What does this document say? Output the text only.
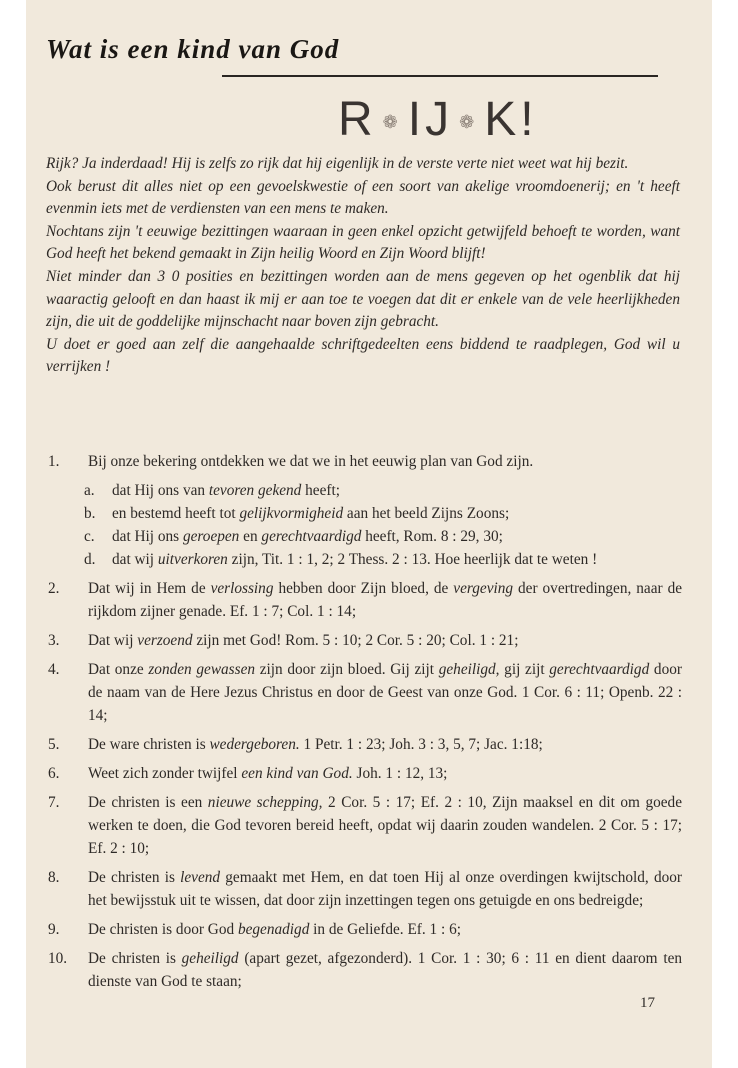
Wat is een kind van God
R ❁ IJ ❁ K!

Rijk? Ja inderdaad! Hij is zelfs zo rijk dat hij eigenlijk in de verste verte niet weet wat hij bezit.

Ook berust dit alles niet op een gevoelskwestie of een soort van akelige vroomdoenerij; en 't heeft evenmin iets met de verdiensten van een mens te maken.

Nochtans zijn 't eeuwige bezittingen waaraan in geen enkel opzicht getwijfeld behoeft te worden, want God heeft het bekend gemaakt in Zijn heilig Woord en Zijn Woord blijft!

Niet minder dan 3 0 posities en bezittingen worden aan de mens gegeven op het ogenblik dat hij waaractig gelooft en dan haast ik mij er aan toe te voegen dat dit er enkele van de vele heerlijkheden zijn, die uit de goddelijke mijnschacht naar boven zijn gebracht.

U doet er goed aan zelf die aangehaalde schriftgedeelten eens biddend te raadplegen, God wil u verrijken !

1. Bij onze bekering ontdekken we dat we in het eeuwig plan van God zijn.
a. dat Hij ons van tevoren gekend heeft;
b. en bestemd heeft tot gelijkvormigheid aan het beeld Zijns Zoons;
c. dat Hij ons geroepen en gerechtvaardigd heeft, Rom. 8 : 29, 30;
d. dat wij uitverkoren zijn, Tit. 1 : 1, 2; 2 Thess. 2 : 13. Hoe heerlijk dat te weten !
2. Dat wij in Hem de verlossing hebben door Zijn bloed, de vergeving der overtredingen, naar de rijkdom zijner genade. Ef. 1 : 7; Col. 1 : 14;
3. Dat wij verzoend zijn met God! Rom. 5 : 10; 2 Cor. 5 : 20; Col. 1 : 21;
4. Dat onze zonden gewassen zijn door zijn bloed. Gij zijt geheiligd, gij zijt gerechtvaardigd door de naam van de Here Jezus Christus en door de Geest van onze God. 1 Cor. 6 : 11; Openb. 22 : 14;
5. De ware christen is wedergeboren. 1 Petr. 1 : 23; Joh. 3 : 3, 5, 7; Jac. 1:18;
6. Weet zich zonder twijfel een kind van God. Joh. 1 : 12, 13;
7. De christen is een nieuwe schepping, 2 Cor. 5 : 17; Ef. 2 : 10, Zijn maaksel en dit om goede werken te doen, die God tevoren bereid heeft, opdat wij daarin zouden wandelen. 2 Cor. 5 : 17; Ef. 2 : 10;
8. De christen is levend gemaakt met Hem, en dat toen Hij al onze overdingen kwijtschold, door het bewijsstuk uit te wissen, dat door zijn inzettingen tegen ons getuigde en ons bedreigde;
9. De christen is door God begenadigd in de Geliefde. Ef. 1 : 6;
10. De christen is geheiligd (apart gezet, afgezonderd). 1 Cor. 1 : 30; 6 : 11 en dient daarom ten dienste van God te staan;
17
